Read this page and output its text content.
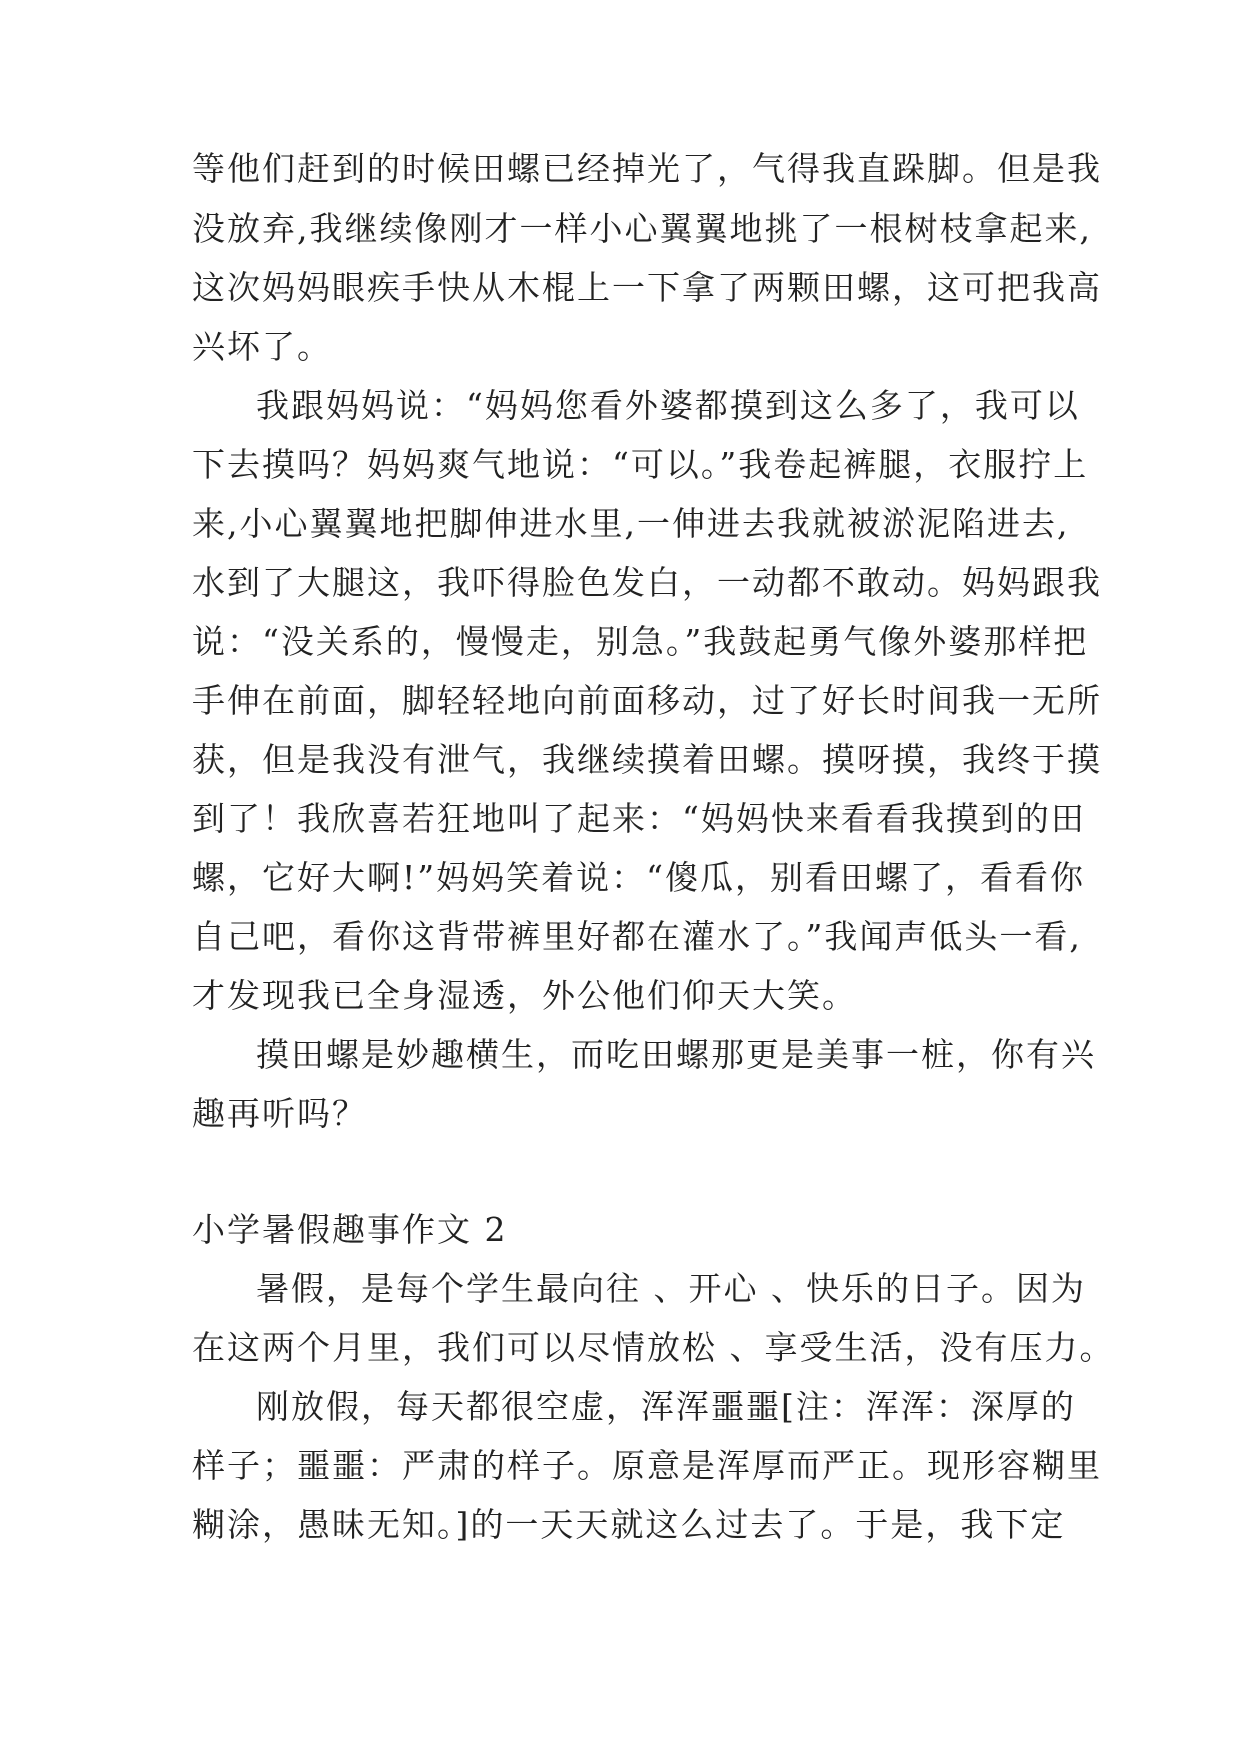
等他们赶到的时候田螺已经掉光了，气得我直跺脚。但是我
没放弃,我继续像刚才一样小心翼翼地挑了一根树枝拿起来,
这次妈妈眼疾手快从木棍上一下拿了两颗田螺，这可把我高
兴坏了。
我跟妈妈说：“妈妈您看外婆都摸到这么多了，我可以
下去摸吗？妈妈爽气地说：“可以。”我卷起裤腿，衣服拧上
来,小心翼翼地把脚伸进水里,一伸进去我就被淤泥陷进去,
水到了大腿这，我吓得脸色发白，一动都不敢动。妈妈跟我
说：“没关系的，慢慢走，别急。”我鼓起勇气像外婆那样把
手伸在前面，脚轻轻地向前面移动，过了好长时间我一无所
获，但是我没有泄气，我继续摸着田螺。摸呀摸，我终于摸
到了！我欣喜若狂地叫了起来：“妈妈快来看看我摸到的田
螺，它好大啊!”妈妈笑着说：“傻瓜，别看田螺了，看看你
自己吧，看你这背带裤里好都在灌水了。”我闻声低头一看,
才发现我已全身湿透，外公他们仰天大笑。
摸田螺是妙趣横生，而吃田螺那更是美事一桩，你有兴
趣再听吗？
小学暑假趣事作文 2
暑假，是每个学生最向往 、开心 、快乐的日子。因为
在这两个月里，我们可以尽情放松 、享受生活，没有压力。
刚放假，每天都很空虚，浑浑噩噩[注：浑浑：深厚的
样子；噩噩：严肃的样子。原意是浑厚而严正。现形容糊里
糊涂，愚昧无知。]的一天天就这么过去了。于是，我下定
